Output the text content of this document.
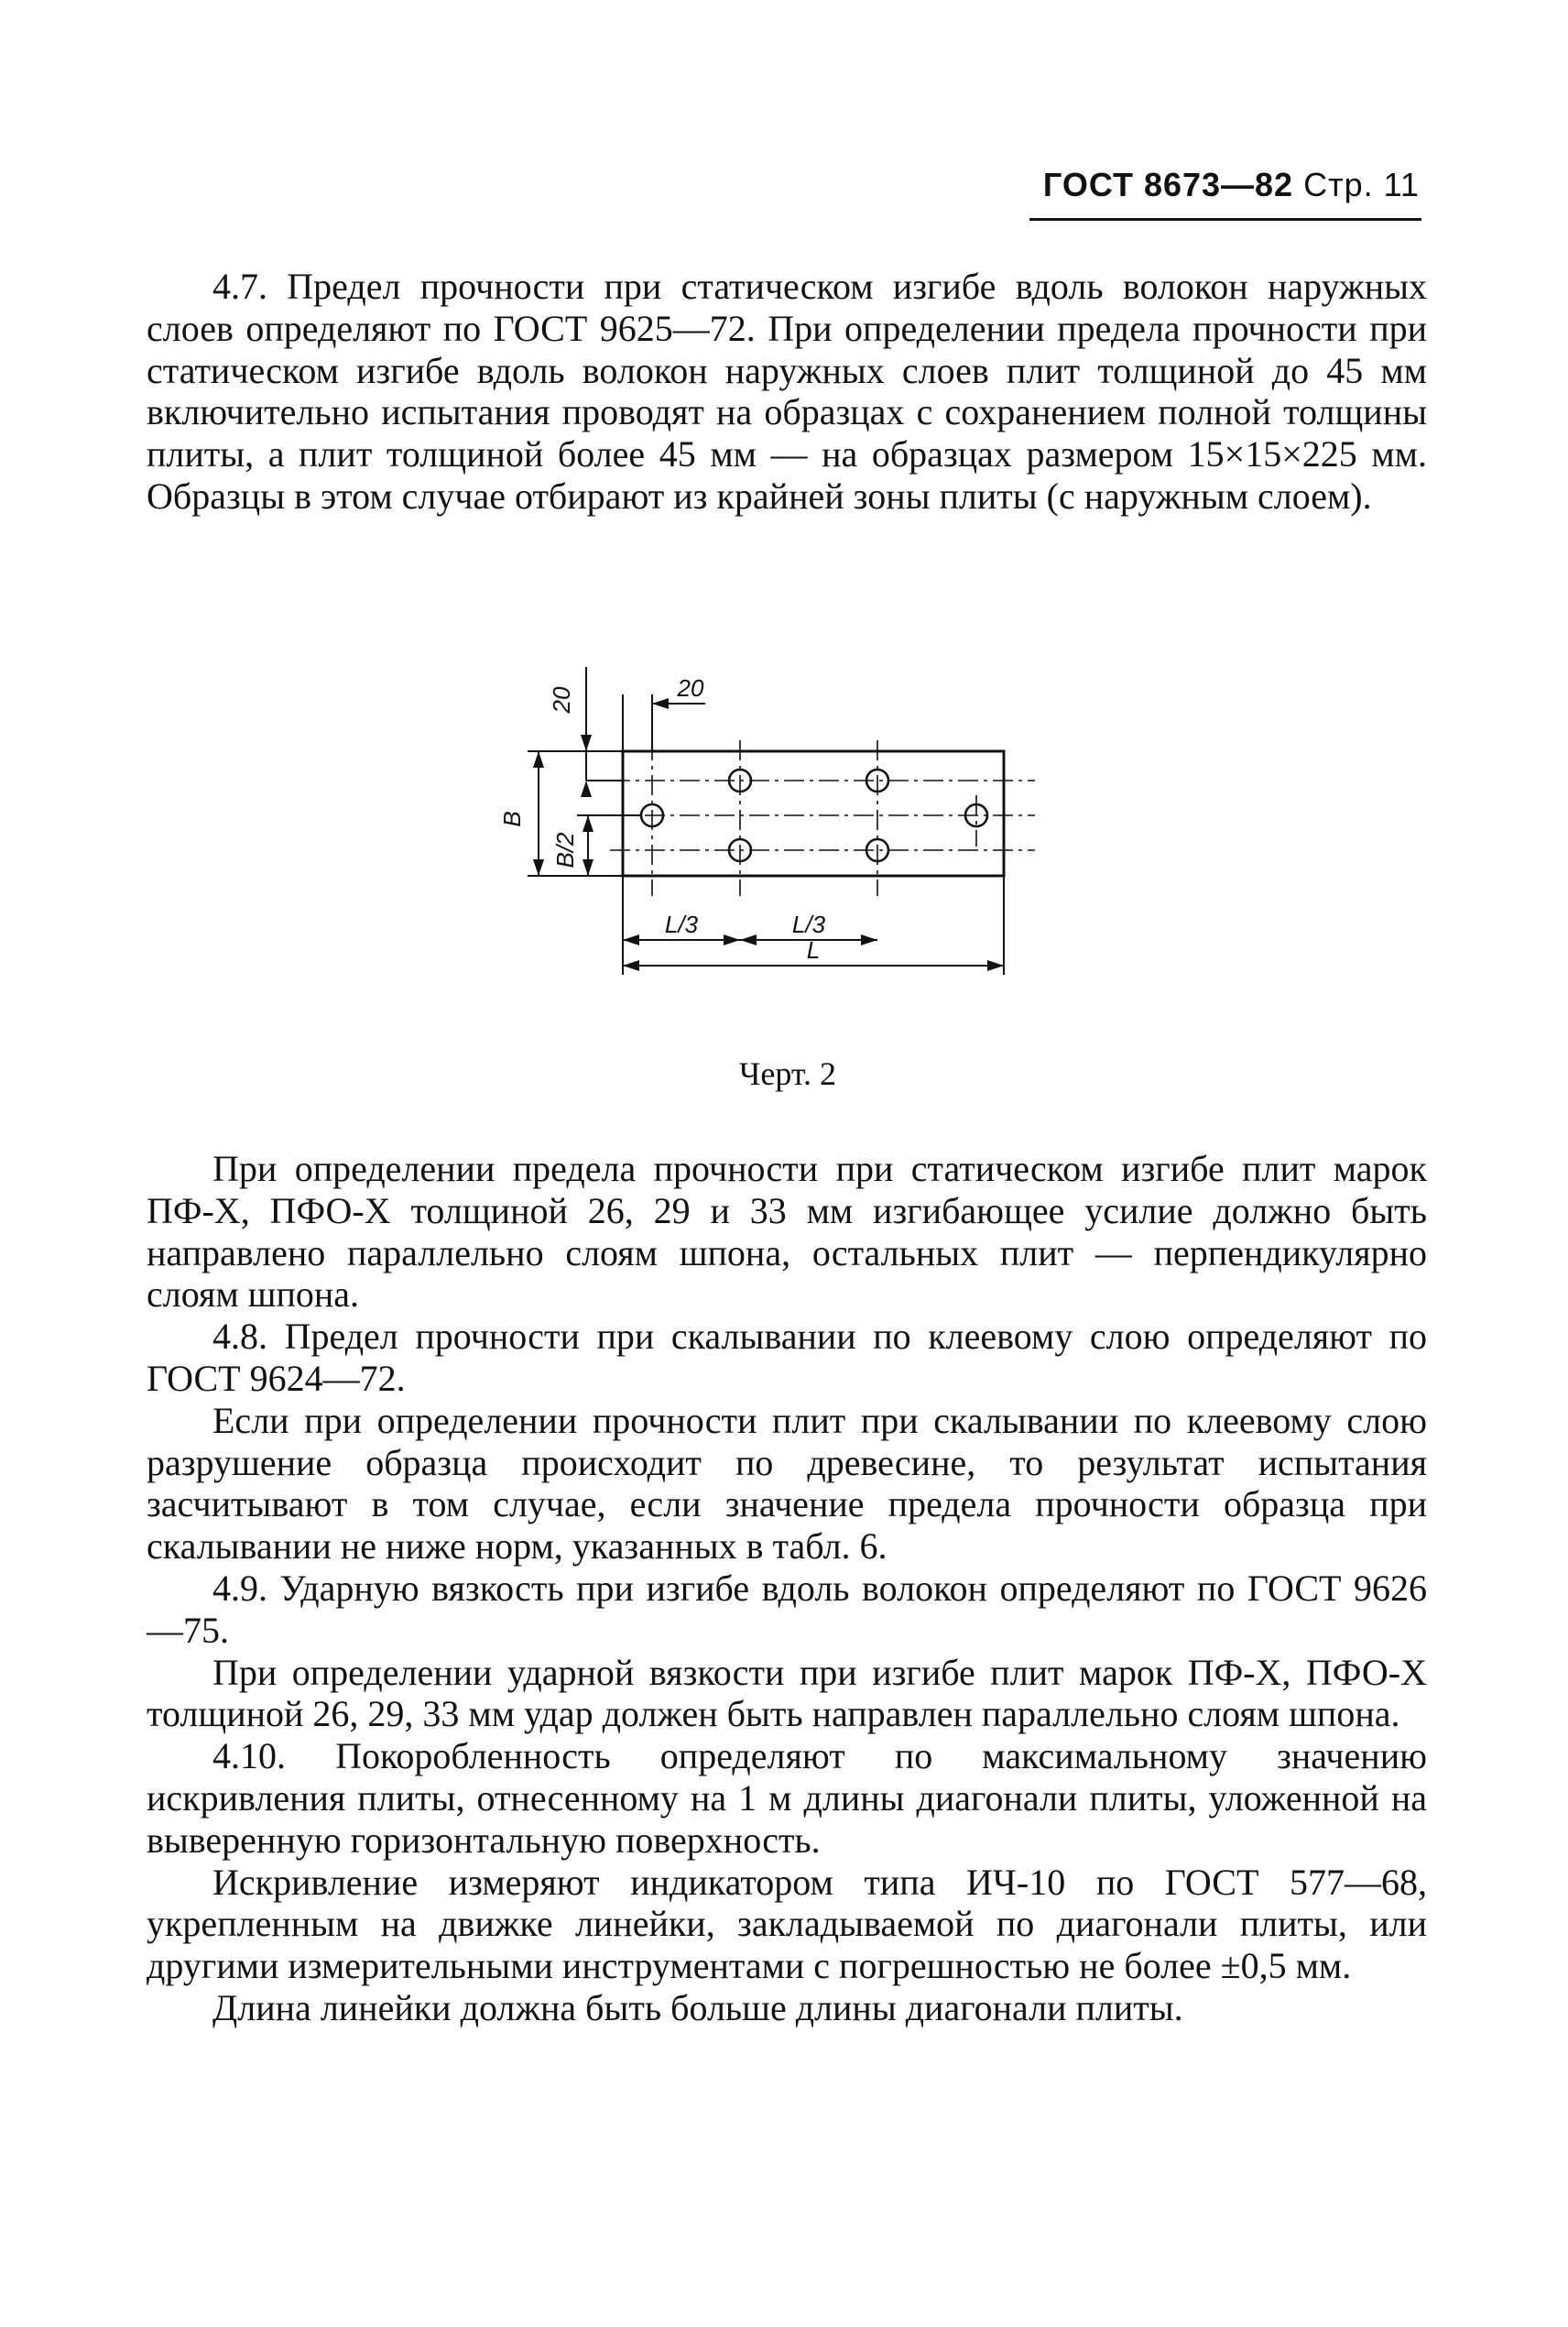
ГОСТ 8673—82 Стр. 11

4.7. Предел прочности при статическом изгибе вдоль волокон наружных слоев определяют по ГОСТ 9625—72. При определении предела прочности при статическом изгибе вдоль волокон наружных слоев плит толщиной до 45 мм включительно испытания проводят на образцах с сохранением полной толщины плиты, а плит толщиной более 45 мм — на образцах размером 15×15×225 мм. Образцы в этом случае отбирают из крайней зоны плиты (с наружным слоем).

20	20
B
B/2
L/3	L/3
L
Черт. 2

При определении предела прочности при статическом изгибе плит марок ПФ-Х, ПФО-Х толщиной 26, 29 и 33 мм изгибающее усилие должно быть направлено параллельно слоям шпона, остальных плит — перпендикулярно слоям шпона.

4.8. Предел прочности при скалывании по клеевому слою определяют по ГОСТ 9624—72.

Если при определении прочности плит при скалывании по клеевому слою разрушение образца происходит по древесине, то результат испытания засчитывают в том случае, если значение предела прочности образца при скалывании не ниже норм, указанных в табл. 6.

4.9. Ударную вязкость при изгибе вдоль волокон определяют по ГОСТ 9626—75.

При определении ударной вязкости при изгибе плит марок ПФ-Х, ПФО-Х толщиной 26, 29, 33 мм удар должен быть направлен параллельно слоям шпона.

4.10. Покоробленность определяют по максимальному значению искривления плиты, отнесенному на 1 м длины диагонали плиты, уложенной на выверенную горизонтальную поверхность.

Искривление измеряют индикатором типа ИЧ-10 по ГОСТ 577—68, укрепленным на движке линейки, закладываемой по диагонали плиты, или другими измерительными инструментами с погрешностью не более ±0,5 мм.

Длина линейки должна быть больше длины диагонали плиты.
